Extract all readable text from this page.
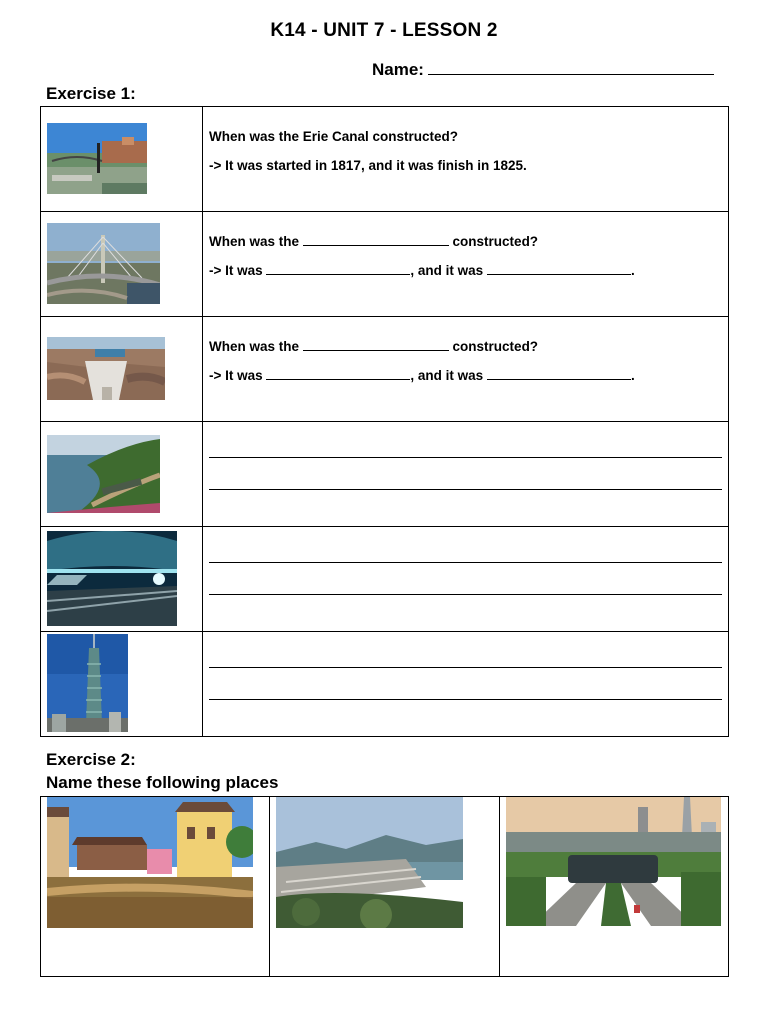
K14 - UNIT 7 - LESSON 2
Name:
Exercise 1:

	When was the Erie Canal constructed?
-> It was started in 1817, and it was finish in 1825.

	When was the constructed?
-> It was , and it was .

	When was the constructed?
-> It was , and it was .

Exercise 2:
Name these following places
